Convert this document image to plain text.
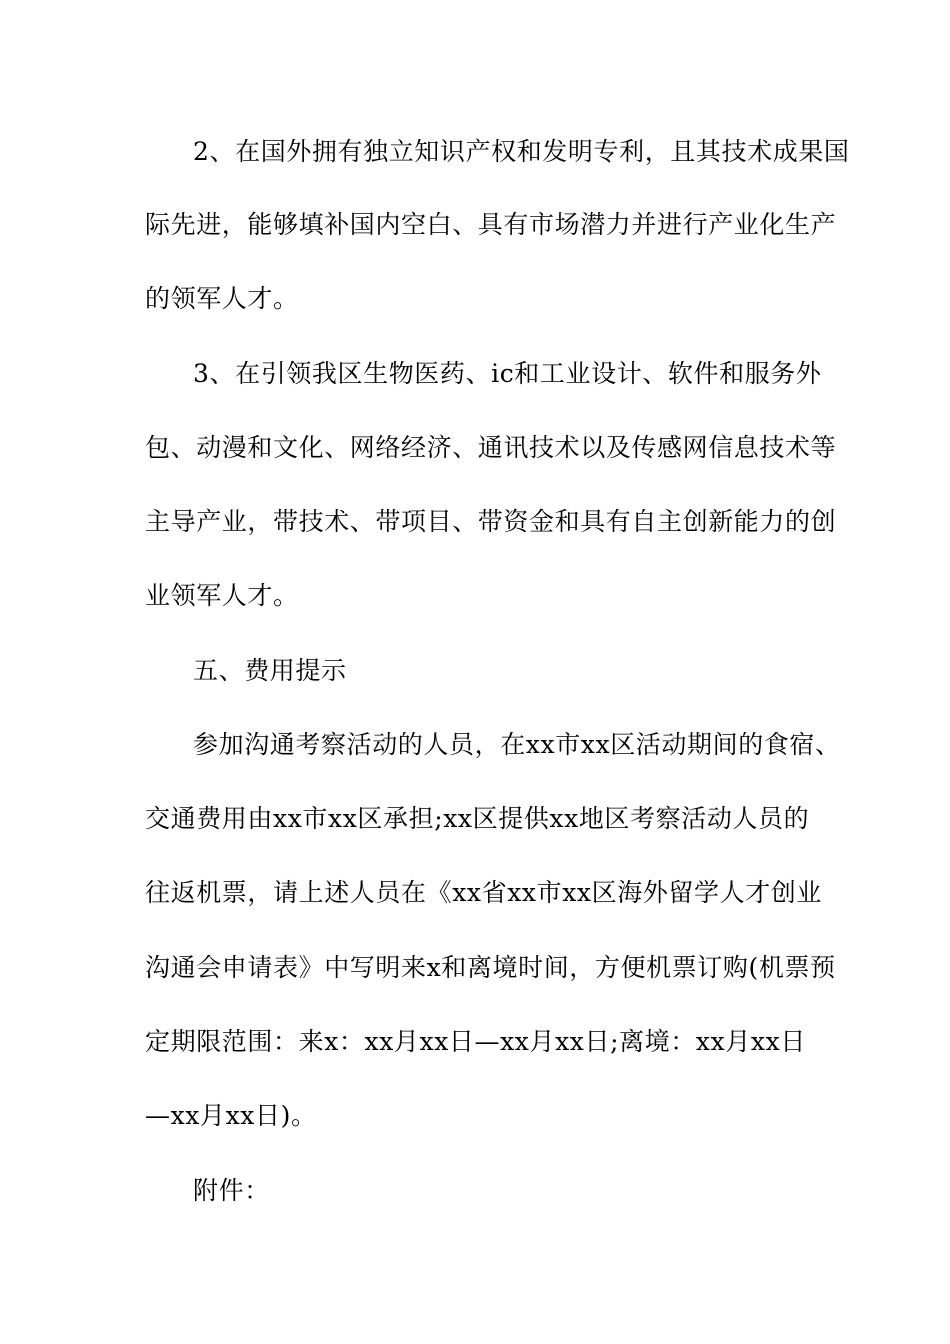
2、在国外拥有独立知识产权和发明专利，且其技术成果国
际先进，能够填补国内空白、具有市场潜力并进行产业化生产
的领军人才。
3、在引领我区生物医药、ic和工业设计、软件和服务外
包、动漫和文化、网络经济、通讯技术以及传感网信息技术等
主导产业，带技术、带项目、带资金和具有自主创新能力的创
业领军人才。
五、费用提示
参加沟通考察活动的人员，在xx市xx区活动期间的食宿、
交通费用由xx市xx区承担;xx区提供xx地区考察活动人员的
往返机票，请上述人员在《xx省xx市xx区海外留学人才创业
沟通会申请表》中写明来x和离境时间，方便机票订购(机票预
定期限范围：来x：xx月xx日—xx月xx日;离境：xx月xx日
—xx月xx日)。
附件：
